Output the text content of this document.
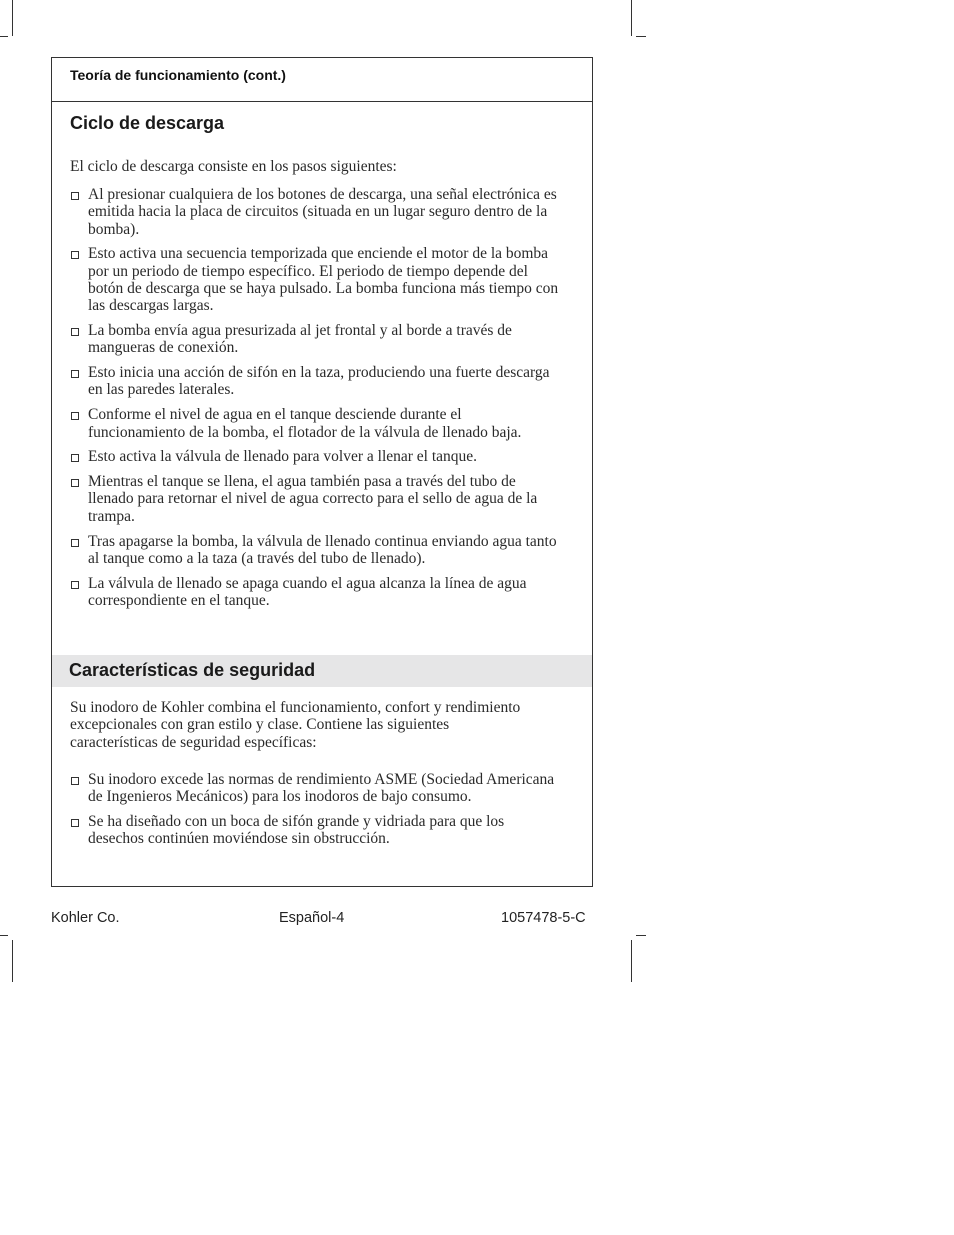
Teoría de funcionamiento (cont.)
Ciclo de descarga
El ciclo de descarga consiste en los pasos siguientes:
Al presionar cualquiera de los botones de descarga, una señal electrónica es emitida hacia la placa de circuitos (situada en un lugar seguro dentro de la bomba).
Esto activa una secuencia temporizada que enciende el motor de la bomba por un periodo de tiempo específico. El periodo de tiempo depende del botón de descarga que se haya pulsado. La bomba funciona más tiempo con las descargas largas.
La bomba envía agua presurizada al jet frontal y al borde a través de mangueras de conexión.
Esto inicia una acción de sifón en la taza, produciendo una fuerte descarga en las paredes laterales.
Conforme el nivel de agua en el tanque desciende durante el funcionamiento de la bomba, el flotador de la válvula de llenado baja.
Esto activa la válvula de llenado para volver a llenar el tanque.
Mientras el tanque se llena, el agua también pasa a través del tubo de llenado para retornar el nivel de agua correcto para el sello de agua de la trampa.
Tras apagarse la bomba, la válvula de llenado continua enviando agua tanto al tanque como a la taza (a través del tubo de llenado).
La válvula de llenado se apaga cuando el agua alcanza la línea de agua correspondiente en el tanque.
Características de seguridad
Su inodoro de Kohler combina el funcionamiento, confort y rendimiento excepcionales con gran estilo y clase. Contiene las siguientes características de seguridad específicas:
Su inodoro excede las normas de rendimiento ASME (Sociedad Americana de Ingenieros Mecánicos) para los inodoros de bajo consumo.
Se ha diseñado con un boca de sifón grande y vidriada para que los desechos continúen moviéndose sin obstrucción.
Kohler Co.	Español-4	1057478-5-C
